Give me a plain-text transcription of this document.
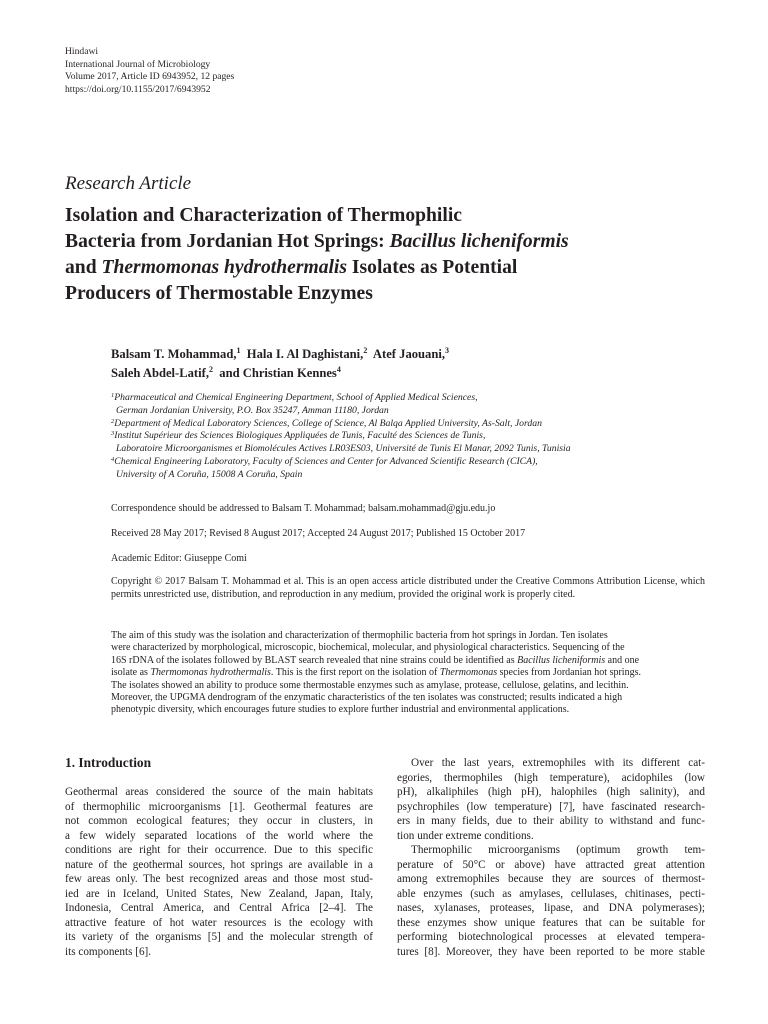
Hindawi
International Journal of Microbiology
Volume 2017, Article ID 6943952, 12 pages
https://doi.org/10.1155/2017/6943952
Research Article
Isolation and Characterization of Thermophilic
Bacteria from Jordanian Hot Springs: Bacillus licheniformis
and Thermomonas hydrothermalis Isolates as Potential
Producers of Thermostable Enzymes
Balsam T. Mohammad,$^1$ Hala I. Al Daghistani,$^2$ Atef Jaouani,$^3$
Saleh Abdel-Latif,$^2$ and Christian Kennes$^4$
$^1$Pharmaceutical and Chemical Engineering Department, School of Applied Medical Sciences,
German Jordanian University, P.O. Box 35247, Amman 11180, Jordan
$^2$Department of Medical Laboratory Sciences, College of Science, Al Balqa Applied University, As-Salt, Jordan
$^3$Institut Supérieur des Sciences Biologiques Appliquées de Tunis, Faculté des Sciences de Tunis,
Laboratoire Microorganismes et Biomolécules Actives LR03ES03, Université de Tunis El Manar, 2092 Tunis, Tunisia
$^4$Chemical Engineering Laboratory, Faculty of Sciences and Center for Advanced Scientific Research (CICA),
University of A Coruña, 15008 A Coruña, Spain
Correspondence should be addressed to Balsam T. Mohammad; balsam.mohammad@gju.edu.jo
Received 28 May 2017; Revised 8 August 2017; Accepted 24 August 2017; Published 15 October 2017
Academic Editor: Giuseppe Comi
Copyright © 2017 Balsam T. Mohammad et al. This is an open access article distributed under the Creative Commons Attribution License, which permits unrestricted use, distribution, and reproduction in any medium, provided the original work is properly cited.
The aim of this study was the isolation and characterization of thermophilic bacteria from hot springs in Jordan. Ten isolates
were characterized by morphological, microscopic, biochemical, molecular, and physiological characteristics. Sequencing of the
16S rDNA of the isolates followed by BLAST search revealed that nine strains could be identified as Bacillus licheniformis and one
isolate as Thermomonas hydrothermalis. This is the first report on the isolation of Thermomonas species from Jordanian hot springs.
The isolates showed an ability to produce some thermostable enzymes such as amylase, protease, cellulose, gelatins, and lecithin.
Moreover, the UPGMA dendrogram of the enzymatic characteristics of the ten isolates was constructed; results indicated a high
phenotypic diversity, which encourages future studies to explore further industrial and environmental applications.
1. Introduction
Geothermal areas considered the source of the main habitats
of thermophilic microorganisms [1]. Geothermal features are
not common ecological features; they occur in clusters, in
a few widely separated locations of the world where the
conditions are right for their occurrence. Due to this specific
nature of the geothermal sources, hot springs are available in a
few areas only. The best recognized areas and those most stud-
ied are in Iceland, United States, New Zealand, Japan, Italy,
Indonesia, Central America, and Central Africa [2–4]. The
attractive feature of hot water resources is the ecology with
its variety of the organisms [5] and the molecular strength of
its components [6].
Over the last years, extremophiles with its different cat-
egories, thermophiles (high temperature), acidophiles (low
pH), alkaliphiles (high pH), halophiles (high salinity), and
psychrophiles (low temperature) [7], have fascinated research-
ers in many fields, due to their ability to withstand and func-
tion under extreme conditions.
Thermophilic microorganisms (optimum growth tem-
perature of 50°C or above) have attracted great attention
among extremophiles because they are sources of thermost-
able enzymes (such as amylases, cellulases, chitinases, pecti-
nases, xylanases, proteases, lipase, and DNA polymerases);
these enzymes show unique features that can be suitable for
performing biotechnological processes at elevated tempera-
tures [8]. Moreover, they have been reported to be more stable
